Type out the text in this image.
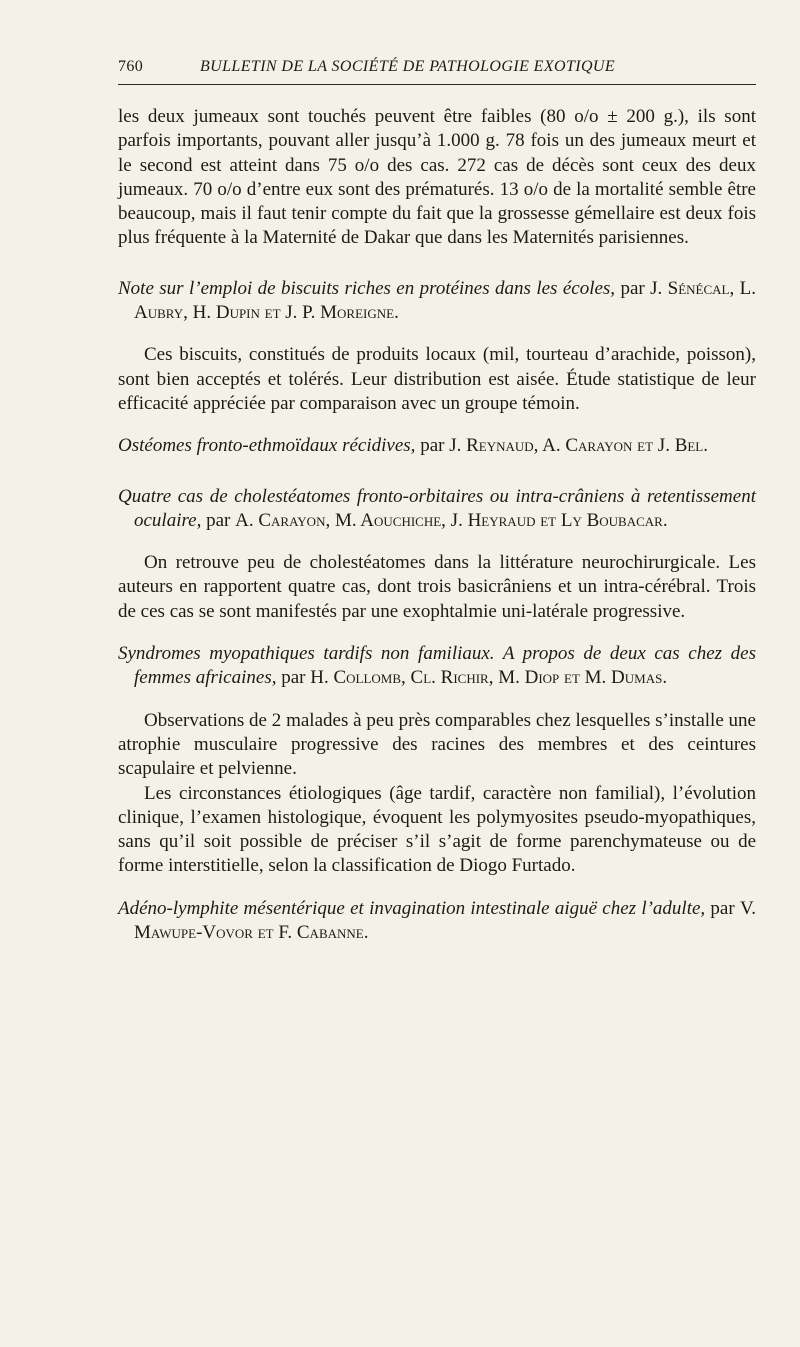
760	BULLETIN DE LA SOCIÉTÉ DE PATHOLOGIE EXOTIQUE

les deux jumeaux sont touchés peuvent être faibles (80 o/o ± 200 g.), ils sont parfois importants, pouvant aller jusqu’à 1.000 g. 78 fois un des jumeaux meurt et le second est atteint dans 75 o/o des cas. 272 cas de décès sont ceux des deux jumeaux. 70 o/o d’entre eux sont des prématurés. 13 o/o de la mortalité semble être beaucoup, mais il faut tenir compte du fait que la grossesse gémellaire est deux fois plus fréquente à la Maternité de Dakar que dans les Maternités parisiennes.

Note sur l’emploi de biscuits riches en protéines dans les écoles, par J. Sénécal, L. Aubry, H. Dupin et J. P. Moreigne.

Ces biscuits, constitués de produits locaux (mil, tourteau d’arachide, poisson), sont bien acceptés et tolérés. Leur distribution est aisée. Étude statistique de leur efficacité appréciée par comparaison avec un groupe témoin.

Ostéomes fronto-ethmoïdaux récidives, par J. Reynaud, A. Carayon et J. Bel.

Quatre cas de cholestéatomes fronto-orbitaires ou intra-crâniens à retentissement oculaire, par A. Carayon, M. Aouchiche, J. Heyraud et Ly Boubacar.

On retrouve peu de cholestéatomes dans la littérature neurochirurgicale. Les auteurs en rapportent quatre cas, dont trois basicrâniens et un intra-cérébral. Trois de ces cas se sont manifestés par une exophtalmie uni-latérale progressive.

Syndromes myopathiques tardifs non familiaux. A propos de deux cas chez des femmes africaines, par H. Collomb, Cl. Richir, M. Diop et M. Dumas.

Observations de 2 malades à peu près comparables chez lesquelles s’installe une atrophie musculaire progressive des racines des membres et des ceintures scapulaire et pelvienne.

Les circonstances étiologiques (âge tardif, caractère non familial), l’évolution clinique, l’examen histologique, évoquent les polymyosites pseudo-myopathiques, sans qu’il soit possible de préciser s’il s’agit de forme parenchymateuse ou de forme interstitielle, selon la classification de Diogo Furtado.

Adéno-lymphite mésentérique et invagination intestinale aiguë chez l’adulte, par V. Mawupe-Vovor et F. Cabanne.
